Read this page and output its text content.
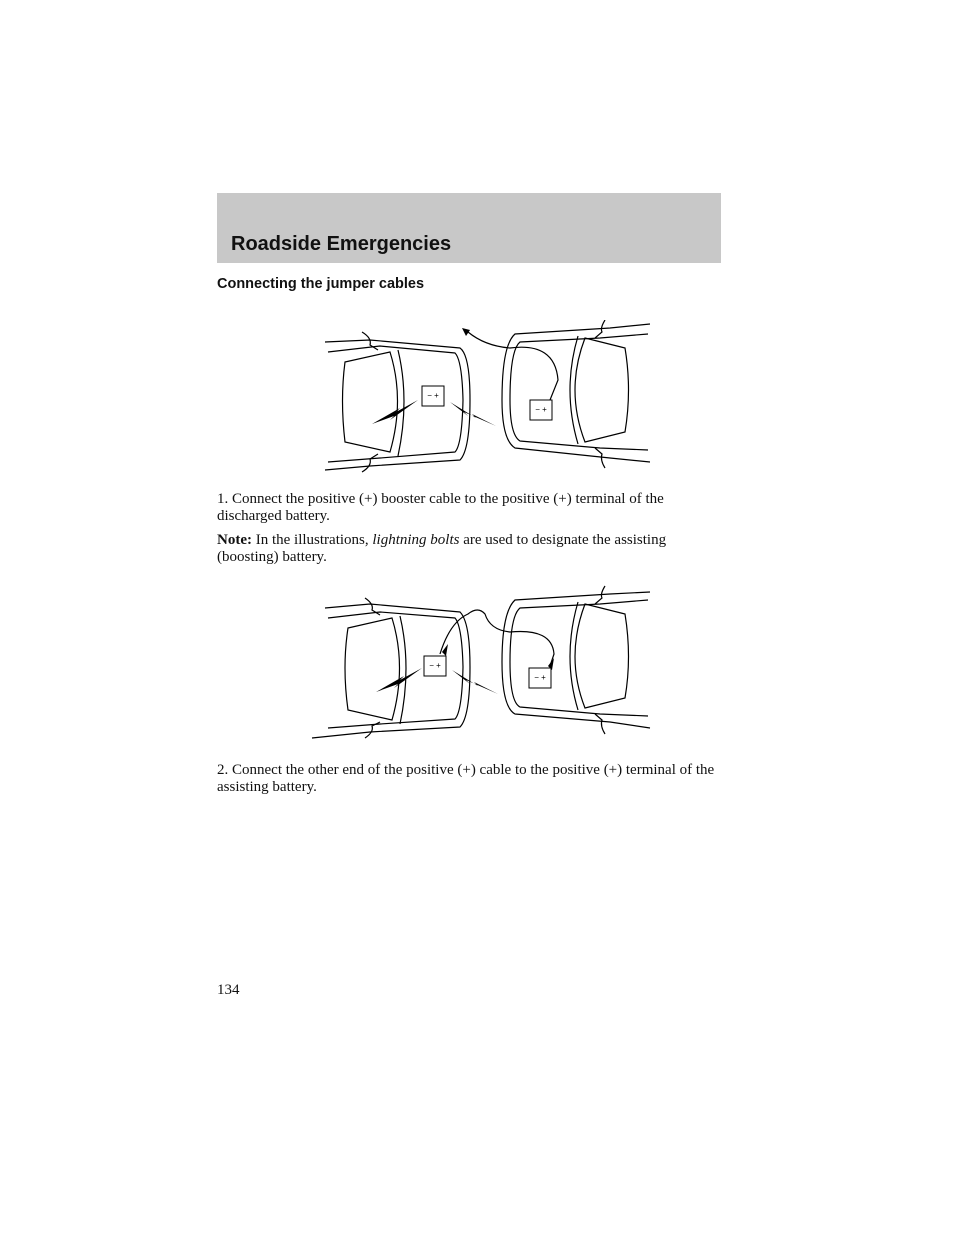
Roadside Emergencies
Connecting the jumper cables
− +
− +

1. Connect the positive (+) booster cable to the positive (+) terminal of the discharged battery.

Note: In the illustrations, lightning bolts are used to designate the assisting (boosting) battery.

− +
− +

2. Connect the other end of the positive (+) cable to the positive (+) terminal of the assisting battery.

134
